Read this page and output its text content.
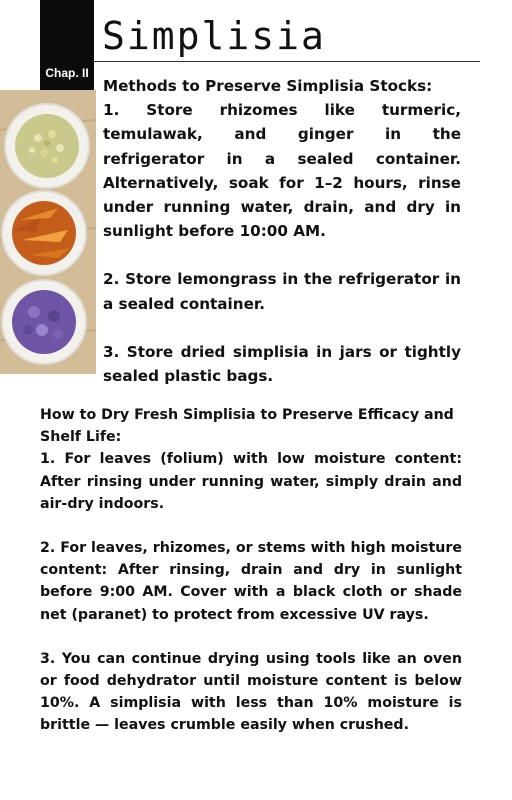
Chap. II
Simplisia
Methods to Preserve Simplisia Stocks:
1. Store rhizomes like turmeric, temulawak, and ginger in the refrigerator in a sealed container. Alternatively, soak for 1–2 hours, rinse under running water, drain, and dry in sunlight before 10:00 AM.
2. Store lemongrass in the refrigerator in a sealed container.
3. Store dried simplisia in jars or tightly sealed plastic bags.
How to Dry Fresh Simplisia to Preserve Efficacy and Shelf Life:
1. For leaves (folium) with low moisture content: After rinsing under running water, simply drain and air-dry indoors.
2. For leaves, rhizomes, or stems with high moisture content: After rinsing, drain and dry in sunlight before 9:00 AM. Cover with a black cloth or shade net (paranet) to protect from excessive UV rays.
3. You can continue drying using tools like an oven or food dehydrator until moisture content is below 10%. A simplisia with less than 10% moisture is brittle — leaves crumble easily when crushed.
